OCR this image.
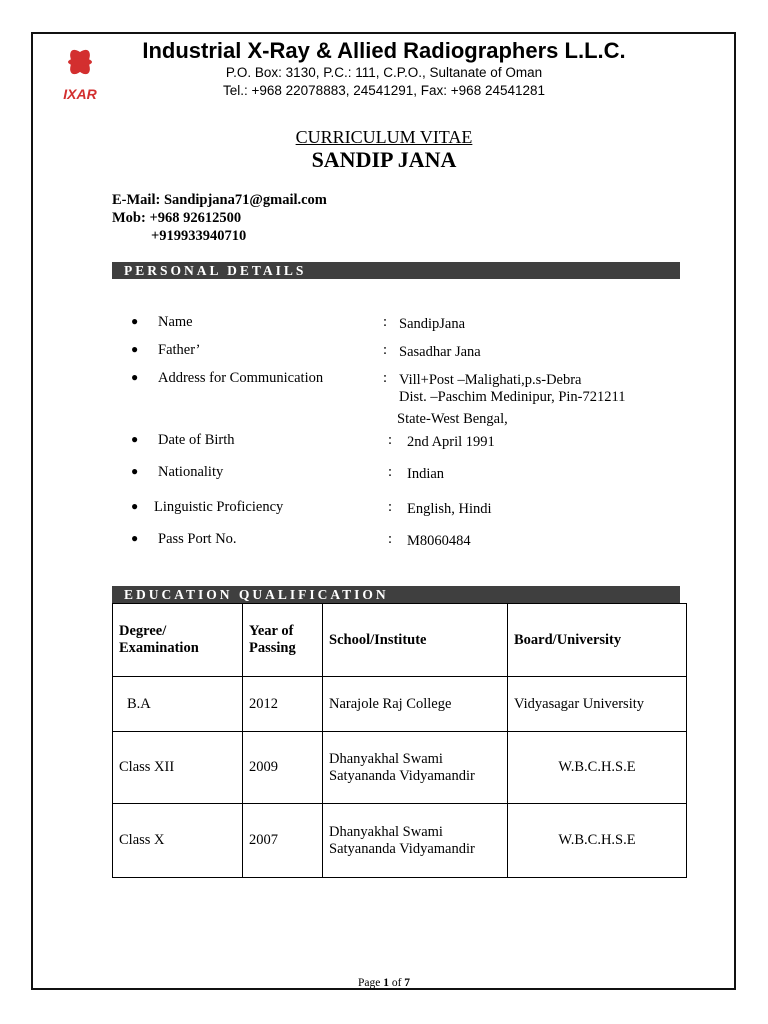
IXAR
Industrial X-Ray & Allied Radiographers L.L.C.
P.O. Box: 3130, P.C.: 111, C.P.O., Sultanate of Oman
Tel.: +968 22078883, 24541291, Fax: +968 24541281
CURRICULUM VITAE
SANDIP JANA
E-Mail: Sandipjana71@gmail.com
Mob: +968 92612500
+919933940710
PERSONAL DETAILS
● Name	: SandipJana
● Father’	: Sasadhar Jana
● Address for Communication	: Vill+Post –Malighati,p.s-Debra
Dist. –Paschim Medinipur, Pin-721211
State-West Bengal,
● Date of Birth	: 2nd April 1991
● Nationality	: Indian
● Linguistic Proficiency	: English, Hindi
● Pass Port No.	: M8060484
EDUCATION QUALIFICATION
Degree/
Examination	Year of
Passing	School/Institute	Board/University
B.A	2012	Narajole Raj College	Vidyasagar University
Class XII	2009	Dhanyakhal Swami
Satyananda Vidyamandir	W.B.C.H.S.E
Class X	2007	Dhanyakhal Swami
Satyananda Vidyamandir	W.B.C.H.S.E
Page 1 of 7
